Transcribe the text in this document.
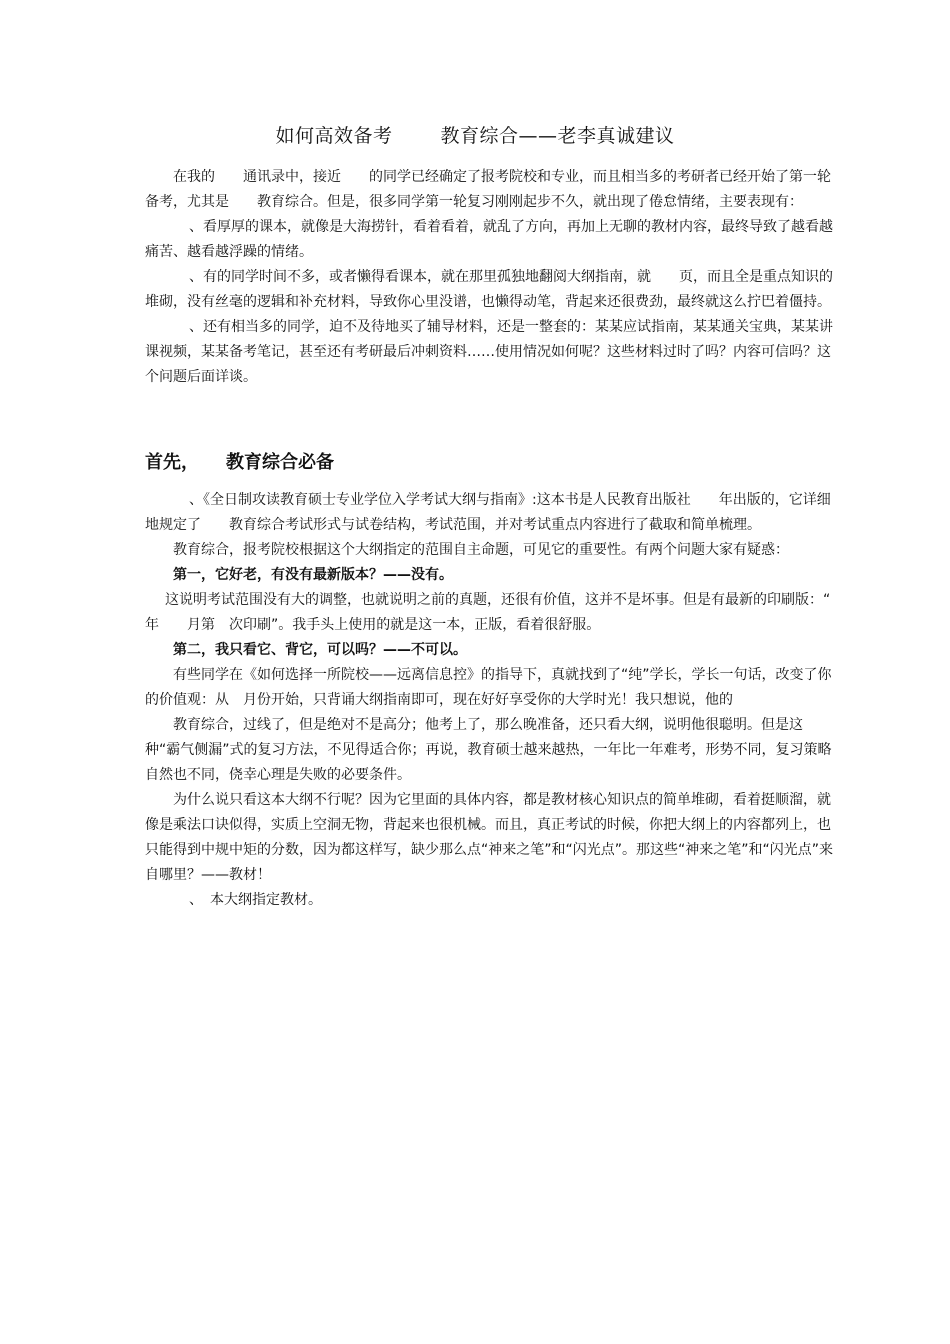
如何高效备考	教育综合——老李真诚建议

在我的　　通讯录中，接近　　的同学已经确定了报考院校和专业，而且相当多的考研者已经开始了第一轮备考，尤其是　　教育综合。但是，很多同学第一轮复习刚刚起步不久，就出现了倦怠情绪，主要表现有：

、看厚厚的课本，就像是大海捞针，看着看着，就乱了方向，再加上无聊的教材内容，最终导致了越看越痛苦、越看越浮躁的情绪。

、有的同学时间不多，或者懒得看课本，就在那里孤独地翻阅大纲指南，就　　页，而且全是重点知识的堆砌，没有丝毫的逻辑和补充材料，导致你心里没谱，也懒得动笔，背起来还很费劲，最终就这么拧巴着僵持。

、还有相当多的同学，迫不及待地买了辅导材料，还是一整套的：某某应试指南，某某通关宝典，某某讲课视频，某某备考笔记，甚至还有考研最后冲刺资料……使用情况如何呢？这些材料过时了吗？内容可信吗？这个问题后面详谈。

首先，　　教育综合必备

、《全日制攻读教育硕士专业学位入学考试大纲与指南》:这本书是人民教育出版社　　年出版的，它详细地规定了　　教育综合考试形式与试卷结构，考试范围，并对考试重点内容进行了截取和简单梳理。

教育综合，报考院校根据这个大纲指定的范围自主命题，可见它的重要性。有两个问题大家有疑惑：

第一，它好老，有没有最新版本？——没有。

这说明考试范围没有大的调整，也就说明之前的真题，还很有价值，这并不是坏事。但是有最新的印刷版：“　　年　　月第　次印刷”。我手头上使用的就是这一本，正版，看着很舒服。

第二，我只看它、背它，可以吗？——不可以。

有些同学在《如何选择一所院校——远离信息控》的指导下，真就找到了“纯”学长，学长一句话，改变了你的价值观：从　月份开始，只背诵大纲指南即可，现在好好享受你的大学时光！我只想说，他的

教育综合，过线了，但是绝对不是高分；他考上了，那么晚准备，还只看大纲，说明他很聪明。但是这种“霸气侧漏”式的复习方法，不见得适合你；再说，教育硕士越来越热，一年比一年难考，形势不同，复习策略自然也不同，侥幸心理是失败的必要条件。

为什么说只看这本大纲不行呢？因为它里面的具体内容，都是教材核心知识点的简单堆砌，看着挺顺溜，就像是乘法口诀似得，实质上空洞无物，背起来也很机械。而且，真正考试的时候，你把大纲上的内容都列上，也只能得到中规中矩的分数，因为都这样写，缺少那么点“神来之笔”和“闪光点”。那这些“神来之笔”和“闪光点”来自哪里？——教材！

、　本大纲指定教材。
